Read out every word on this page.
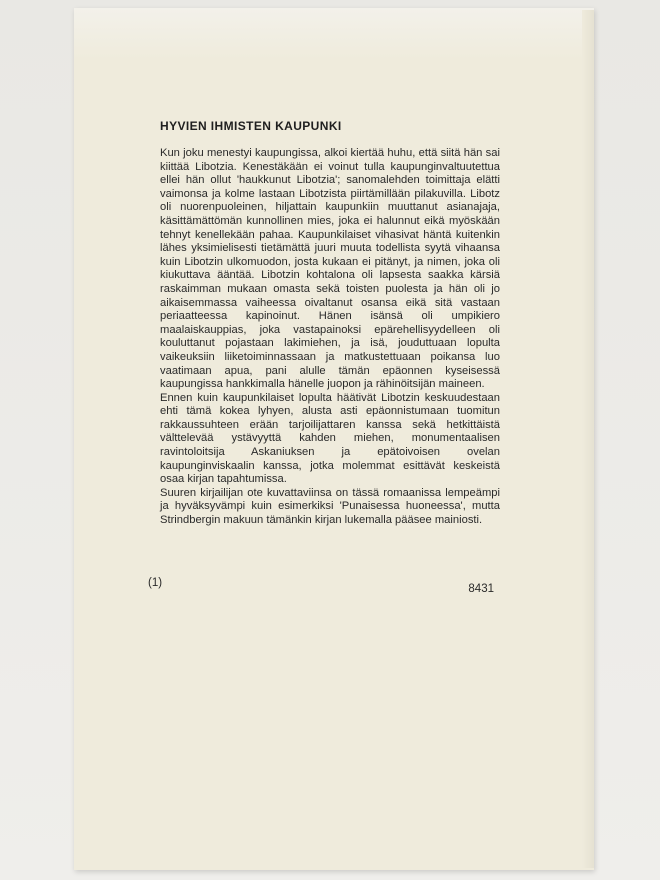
HYVIEN IHMISTEN KAUPUNKI

Kun joku menestyi kaupungissa, alkoi kiertää huhu, että siitä hän sai kiittää Libotzia. Kenestäkään ei voinut tulla kaupunginvaltuutettua ellei hän ollut 'haukkunut Libotzia'; sanomalehden toimittaja elätti vaimonsa ja kolme lastaan Libotzista piirtämillään pilakuvilla. Libotz oli nuorenpuoleinen, hiljattain kaupunkiin muuttanut asianajaja, käsittämättömän kunnollinen mies, joka ei halunnut eikä myöskään tehnyt kenellekään pahaa. Kaupunkilaiset vihasivat häntä kuitenkin lähes yksimielisesti tietämättä juuri muuta todellista syytä vihaansa kuin Libotzin ulkomuodon, josta kukaan ei pitänyt, ja nimen, joka oli kiukuttava ääntää. Libotzin kohtalona oli lapsesta saakka kärsiä raskaimman mukaan omasta sekä toisten puolesta ja hän oli jo aikaisemmassa vaiheessa oivaltanut osansa eikä sitä vastaan periaatteessa kapinoinut. Hänen isänsä oli umpikiero maalaiskauppias, joka vastapainoksi epärehellisyydelleen oli kouluttanut pojastaan lakimiehen, ja isä, jouduttuaan lopulta vaikeuksiin liiketoiminnassaan ja matkustettuaan poikansa luo vaatimaan apua, pani alulle tämän epäonnen kyseisessä kaupungissa hankkimalla hänelle juopon ja rähinöitsijän maineen.

Ennen kuin kaupunkilaiset lopulta häätivät Libotzin keskuudestaan ehti tämä kokea lyhyen, alusta asti epäonnistumaan tuomitun rakkaussuhteen erään tarjoilijattaren kanssa sekä hetkittäistä välttelevää ystävyyttä kahden miehen, monumentaalisen ravintoloitsija Askaniuksen ja epätoivoisen ovelan kaupunginviskaalin kanssa, jotka molemmat esittävät keskeistä osaa kirjan tapahtumissa.

Suuren kirjailijan ote kuvattaviinsa on tässä romaanissa lempeämpi ja hyväksyvämpi kuin esimerkiksi 'Punaisessa huoneessa', mutta Strindbergin makuun tämänkin kirjan lukemalla pääsee mainiosti.

(1)	8431
